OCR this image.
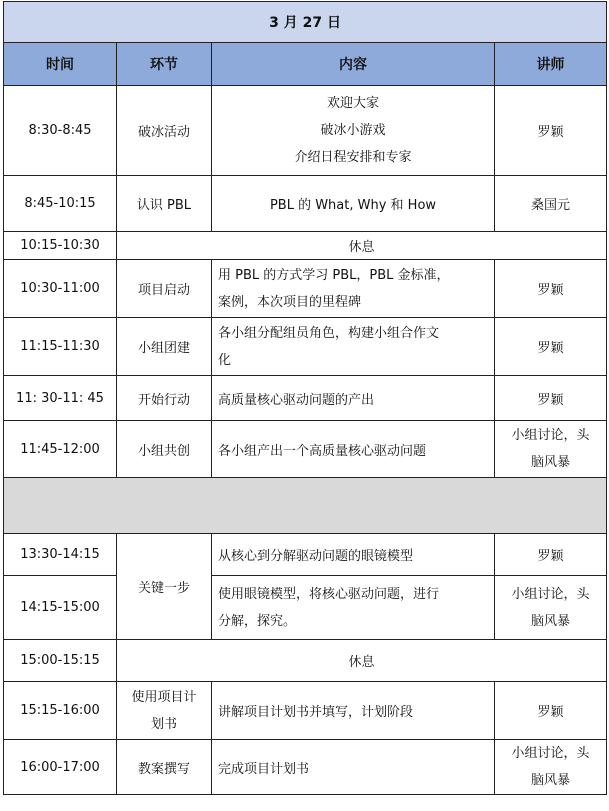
3 月 27 日			
时间	环节	内容	讲师
8:30-8:45	破冰活动	欢迎大家
破冰小游戏
介绍日程安排和专家	罗颖
8:45-10:15	认识 PBL	PBL 的 What, Why 和 How	桑国元
10:15-10:30	休息		
10:30-11:00	项目启动	用 PBL 的方式学习 PBL，PBL 金标准，
案例，本次项目的里程碑	罗颖
11:15-11:30	小组团建	各小组分配组员角色，构建小组合作文
化	罗颖
11: 30-11: 45	开始行动	高质量核心驱动问题的产出	罗颖
11:45-12:00	小组共创	各小组产出一个高质量核心驱动问题	小组讨论，头
脑风暴

13:30-14:15	关键一步	从核心到分解驱动问题的眼镜模型	罗颖
14:15-15:00		使用眼镜模型，将核心驱动问题，进行
分解，探究。	小组讨论，头
脑风暴

15:00-15:15	休息		
15:15-16:00	使用项目计
划书	讲解项目计划书并填写，计划阶段	罗颖
16:00-17:00	教案撰写	完成项目计划书	小组讨论，头
脑风暴
